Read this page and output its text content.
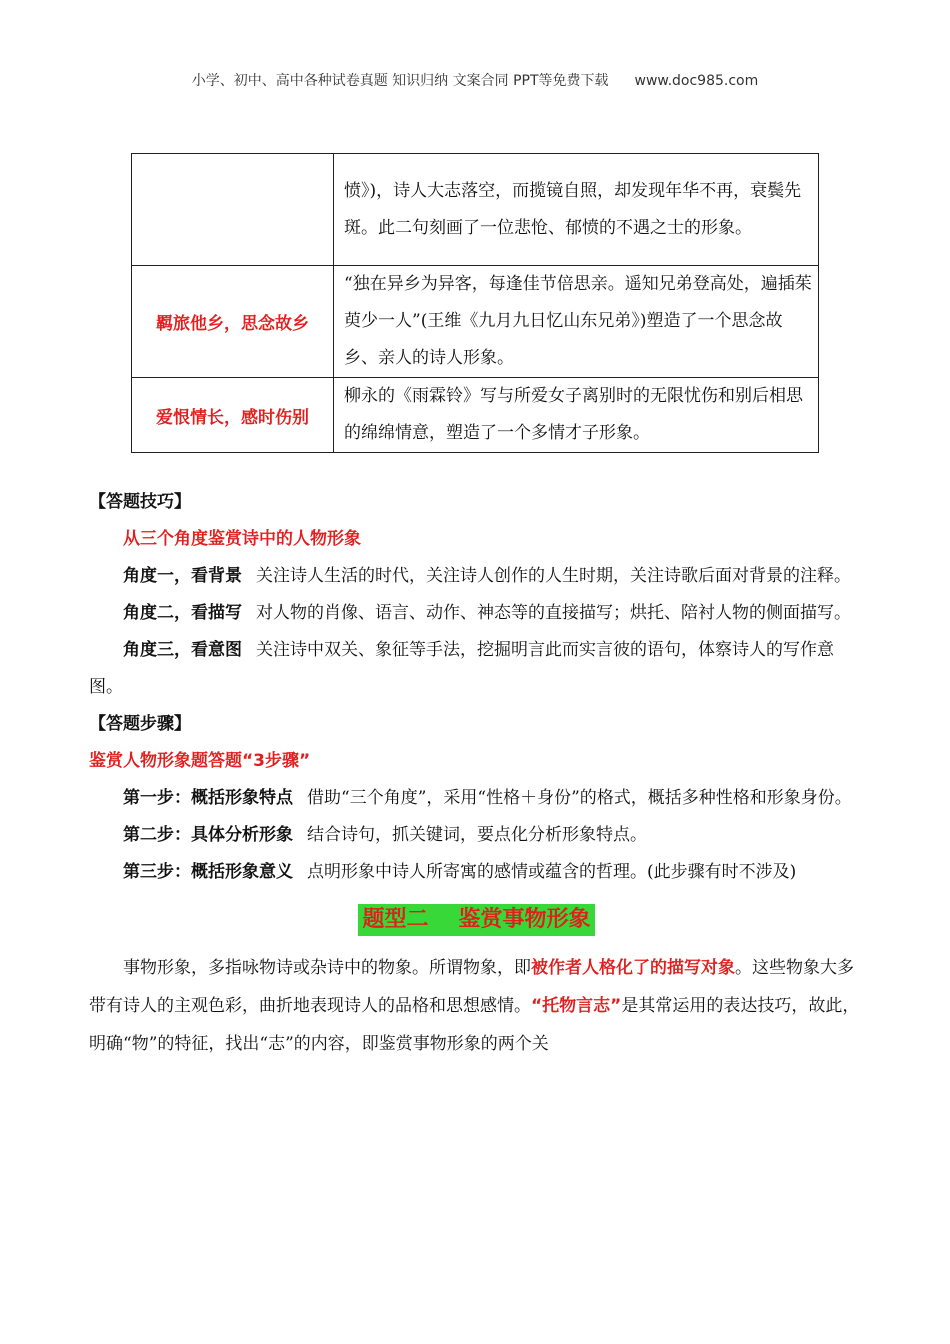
小学、初中、高中各种试卷真题 知识归纳 文案合同 PPT等免费下载 www.doc985.com

	愤》)，诗人大志落空，而揽镜自照，却发现年华不再，衰鬓先斑。此二句刻画了一位悲怆、郁愤的不遇之士的形象。

羁旅他乡，思念故乡	“独在异乡为异客，每逢佳节倍思亲。遥知兄弟登高处，遍插茱萸少一人”(王维《九月九日忆山东兄弟》)塑造了一个思念故乡、亲人的诗人形象。

爱恨情长，感时伤别	柳永的《雨霖铃》写与所爱女子离别时的无限忧伤和别后相思的绵绵情意，塑造了一个多情才子形象。

【答题技巧】

从三个角度鉴赏诗中的人物形象

角度一，看背景 关注诗人生活的时代，关注诗人创作的人生时期，关注诗歌后面对背景的注释。

角度二，看描写 对人物的肖像、语言、动作、神态等的直接描写；烘托、陪衬人物的侧面描写。

角度三，看意图 关注诗中双关、象征等手法，挖掘明言此而实言彼的语句，体察诗人的写作意图。

【答题步骤】

鉴赏人物形象题答题“3步骤”

第一步：概括形象特点 借助“三个角度”，采用“性格＋身份”的格式，概括多种性格和形象身份。

第二步：具体分析形象 结合诗句，抓关键词，要点化分析形象特点。

第三步：概括形象意义 点明形象中诗人所寄寓的感情或蕴含的哲理。(此步骤有时不涉及)

题型二 鉴赏事物形象

事物形象，多指咏物诗或杂诗中的物象。所谓物象，即被作者人格化了的描写对象。这些物象大多带有诗人的主观色彩，曲折地表现诗人的品格和思想感情。“托物言志”是其常运用的表达技巧，故此，明确“物”的特征，找出“志”的内容，即鉴赏事物形象的两个关
